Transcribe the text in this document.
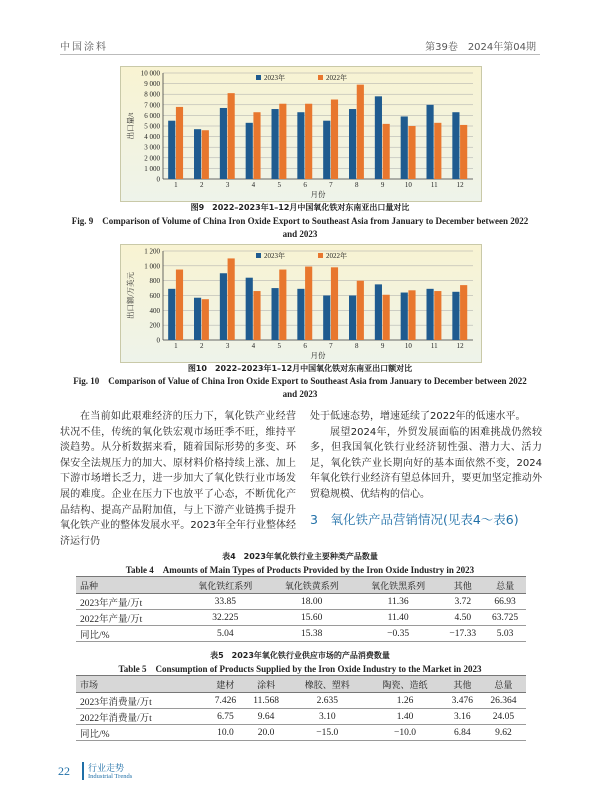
中国涂料	第39卷　2024年第04期
0
1 000
2 000
3 000
4 000
5 000
6 000
7 000
8 000
9 000
10 000
1	2	3	4	5	6	7	8	9	10	11	12
月份
出口量/t
2023年	2022年
图9　2022–2023年1–12月中国氧化铁对东南亚出口量对比
Fig. 9　Comparison of Volume of China Iron Oxide Export to Southeast Asia from January to December between 2022
and 2023
0
200
400
600
800
1 000
1 200
1	2	3	4	5	6	7	8	9	10	11	12
月份
出口额/万美元
2023年	2022年
图10　2022–2023年1–12月中国氧化铁对东南亚出口额对比
Fig. 10　Comparison of Value of China Iron Oxide Export to Southeast Asia from January to December between 2022
and 2023

在当前如此艰难经济的压力下，氧化铁产业经营状况不佳，传统的氧化铁宏观市场旺季不旺，维持平淡趋势。从分析数据来看，随着国际形势的多变、环保安全法规压力的加大、原材料价格持续上涨、加上下游市场增长乏力，进一步加大了氧化铁行业市场发展的难度。企业在压力下也放平了心态，不断优化产品结构、提高产品附加值，与上下游产业链携手提升氧化铁产业的整体发展水平。2023年全年行业整体经济运行仍

处于低速态势，增速延续了2022年的低速水平。

展望2024年，外贸发展面临的困难挑战仍然较多，但我国氧化铁行业经济韧性强、潜力大、活力足，氧化铁产业长期向好的基本面依然不变，2024年氧化铁行业经济有望总体回升，要更加坚定推动外贸稳规模、优结构的信心。

3　氧化铁产品营销情况(见表4～表6)
表4　2023年氧化铁行业主要种类产品数量
Table 4　Amounts of Main Types of Products Provided by the Iron Oxide Industry in 2023
品种	氧化铁红系列	氧化铁黄系列	氧化铁黑系列	其他	总量
2023年产量/万t	33.85	18.00	11.36	3.72	66.93
2022年产量/万t	32.225	15.60	11.40	4.50	63.725
同比/%	5.04	15.38	−0.35	−17.33	5.03
表5　2023年氧化铁行业供应市场的产品消费数量
Table 5　Consumption of Products Supplied by the Iron Oxide Industry to the Market in 2023
市场	建材	涂料	橡胶、塑料	陶瓷、造纸	其他	总量
2023年消费量/万t	7.426	11.568	2.635	1.26	3.476	26.364
2022年消费量/万t	6.75	9.64	3.10	1.40	3.16	24.05
同比/%	10.0	20.0	−15.0	−10.0	6.84	9.62
22 行业走势
Industrial Trends
